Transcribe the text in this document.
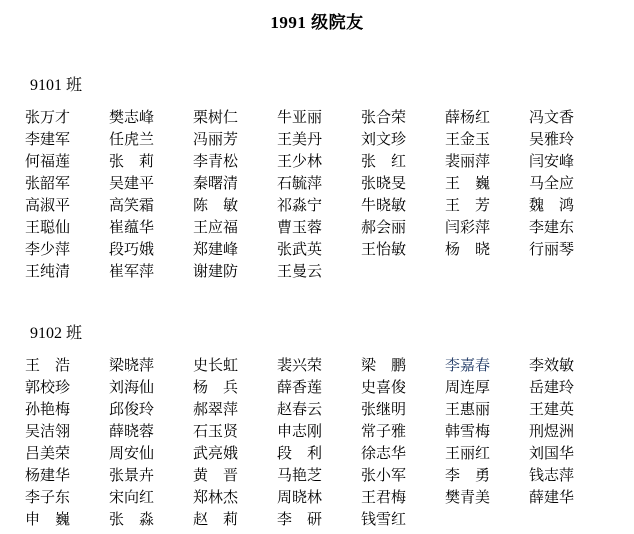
1991 级院友
9101 班
张万才	樊志峰	栗树仁	牛亚丽	张合荣	薛杨红	冯文香
李建军	任虎兰	冯丽芳	王美丹	刘文珍	王金玉	吴雅玲
何福莲	张　莉	李青松	王少林	张　红	裴丽萍	闫安峰
张韶军	吴建平	秦曙清	石毓萍	张晓旻	王　巍	马全应
高淑平	高笑霜	陈　敏	祁淼宁	牛晓敏	王　芳	魏　鸿
王聪仙	崔蕴华	王应福	曹玉蓉	郝会丽	闫彩萍	李建东
李少萍	段巧娥	郑建峰	张武英	王怡敏	杨　晓	行丽琴
王纯清	崔军萍	谢建防	王曼云
9102 班
王　浩	梁晓萍	史长虹	裴兴荣	梁　鹏	李嘉春	李效敏
郭校珍	刘海仙	杨　兵	薛香莲	史喜俊	周连厚	岳建玲
孙艳梅	邱俊玲	郝翠萍	赵春云	张继明	王惠丽	王建英
吴洁翎	薛晓蓉	石玉贤	申志刚	常子雅	韩雪梅	刑煜洲
吕美荣	周安仙	武亮娥	段　利	徐志华	王丽红	刘国华
杨建华	张景卉	黄　晋	马艳芝	张小军	李　勇	钱志萍
李子东	宋向红	郑林杰	周晓林	王君梅	樊青美	薛建华
申　巍	张　淼	赵　莉	李　研	钱雪红
